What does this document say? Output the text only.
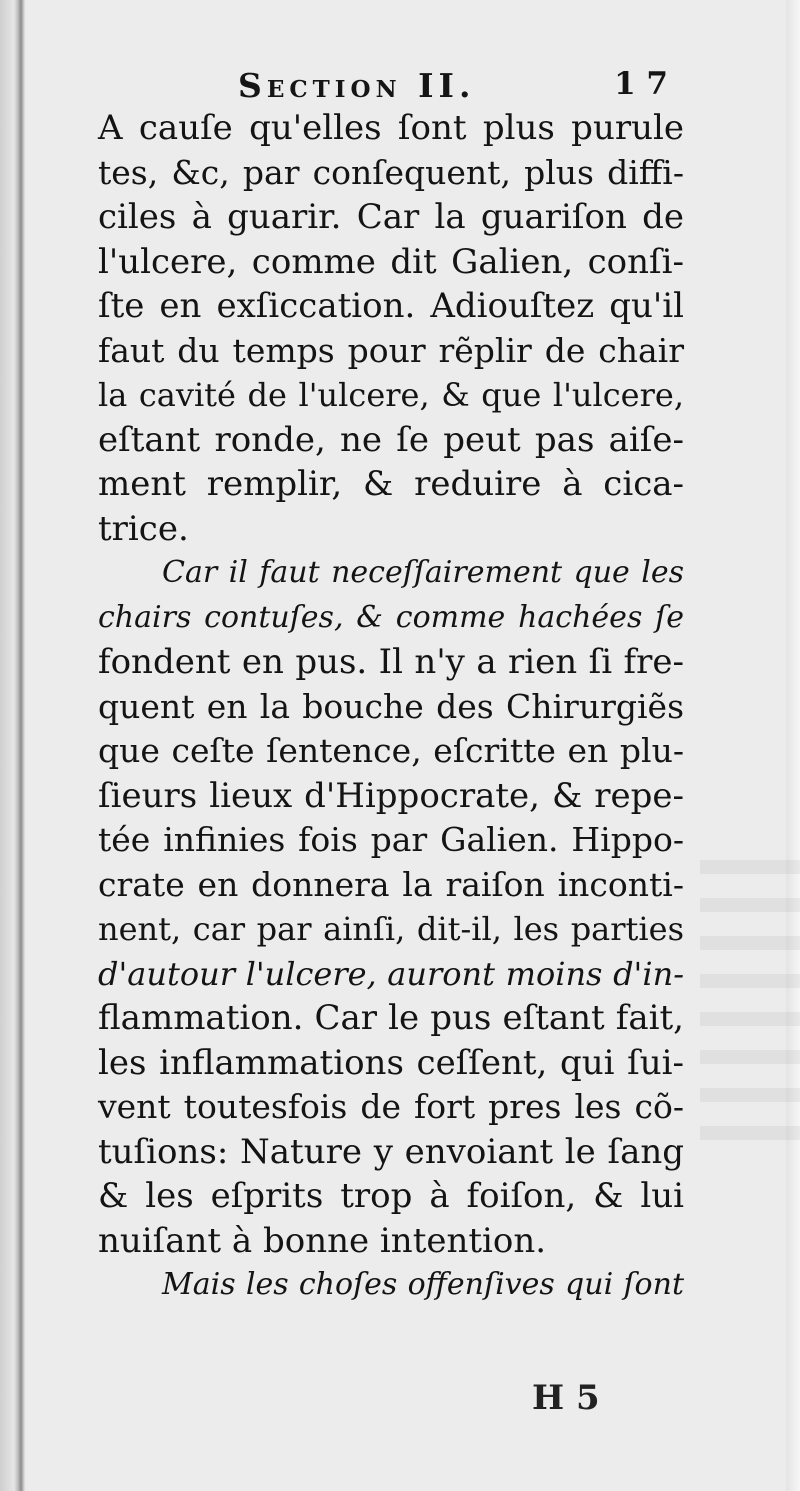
Section II.	1 7
A cauſe qu'elles ſont plus purule
tes, &c, par conſequent, plus diffi-
ciles à guarir. Car la guariſon de
l'ulcere, comme dit Galien, conſi-
ſte en exſiccation. Adiouſtez qu'il
faut du temps pour rẽplir de chair
la cavité de l'ulcere, & que l'ulcere,
eſtant ronde, ne ſe peut pas aiſe-
ment remplir, & reduire à cica-
trice.
Car il faut neceſſairement que les
chairs contuſes, & comme hachées ſe
fondent en pus. Il n'y a rien ſi fre-
quent en la bouche des Chirurgiẽs
que ceſte ſentence, eſcritte en plu-
ſieurs lieux d'Hippocrate, & repe-
tée infinies fois par Galien. Hippo-
crate en donnera la raiſon inconti-
nent, car par ainſi, dit-il, les parties
d'autour l'ulcere, auront moins d'in-
flammation. Car le pus eſtant fait,
les inflammations ceſſent, qui ſui-
vent toutesfois de fort pres les cõ-
tuſions: Nature y envoiant le ſang
& les eſprits trop à foiſon, & lui
nuiſant à bonne intention.
Mais les choſes offenſives qui ſont
H 5
